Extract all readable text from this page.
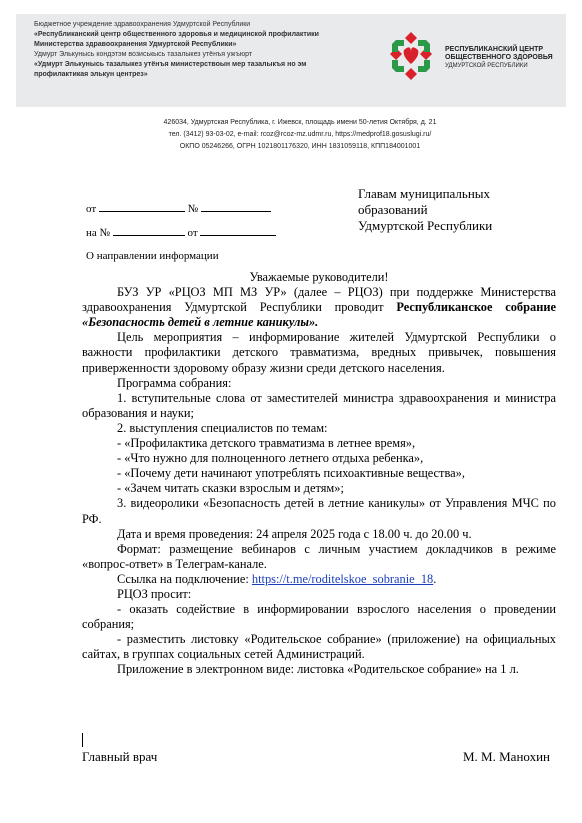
Бюджетное учреждение здравоохранения Удмуртской Республики
«Республиканский центр общественного здоровья и медицинской профилактики
Министерства здравоохранения Удмуртской Республики»
Удмурт Элькунысь кондэтэм возиськысь тазалыкез утёнъя ужъюрт
«Удмурт Элькунысь тазалыкез утёнъя министерствоын мер тазалыкъя но эм
профилактикая элькун центрез»
РЕСПУБЛИКАНСКИЙ ЦЕНТР
ОБЩЕСТВЕННОГО ЗДОРОВЬЯ
УДМУРТСКОЙ РЕСПУБЛИКИ
426034, Удмуртская Республика, г. Ижевск, площадь имени 50-летия Октября, д. 21
тел. (3412) 93-03-02, e-mail: rcoz@rcoz-mz.udmr.ru, https://medprof18.gosuslugi.ru/
ОКПО 05246266, ОГРН 1021801176320, ИНН 1831059118, КПП184001001
от	№
на №	от
Главам муниципальных
образований
Удмуртской Республики
О направлении информации

Уважаемые руководители!

БУЗ УР «РЦОЗ МП МЗ УР» (далее – РЦОЗ) при поддержке Министерства здравоохранения Удмуртской Республики проводит Республиканское собрание «Безопасность детей в летние каникулы».

Цель мероприятия – информирование жителей Удмуртской Республики о важности профилактики детского травматизма, вредных привычек, повышения приверженности здоровому образу жизни среди детского населения.

Программа собрания:

1. вступительные слова от заместителей министра здравоохранения и министра образования и науки;

2. выступления специалистов по темам:

- «Профилактика детского травматизма в летнее время»,

- «Что нужно для полноценного летнего отдыха ребенка»,

- «Почему дети начинают употреблять психоактивные вещества»,

- «Зачем читать сказки взрослым и детям»;

3. видеоролики «Безопасность детей в летние каникулы» от Управления МЧС по РФ.

Дата и время проведения: 24 апреля 2025 года с 18.00 ч. до 20.00 ч.

Формат: размещение вебинаров с личным участием докладчиков в режиме «вопрос-ответ» в Телеграм-канале.

Ссылка на подключение: https://t.me/roditelskoe_sobranie_18.

РЦОЗ просит:

- оказать содействие в информировании взрослого населения о проведении собрания;

- разместить листовку «Родительское собрание» (приложение) на официальных сайтах, в группах социальных сетей Администраций.

Приложение в электронном виде: листовка «Родительское собрание» на 1 л.

Главный врач	М. М. Манохин
